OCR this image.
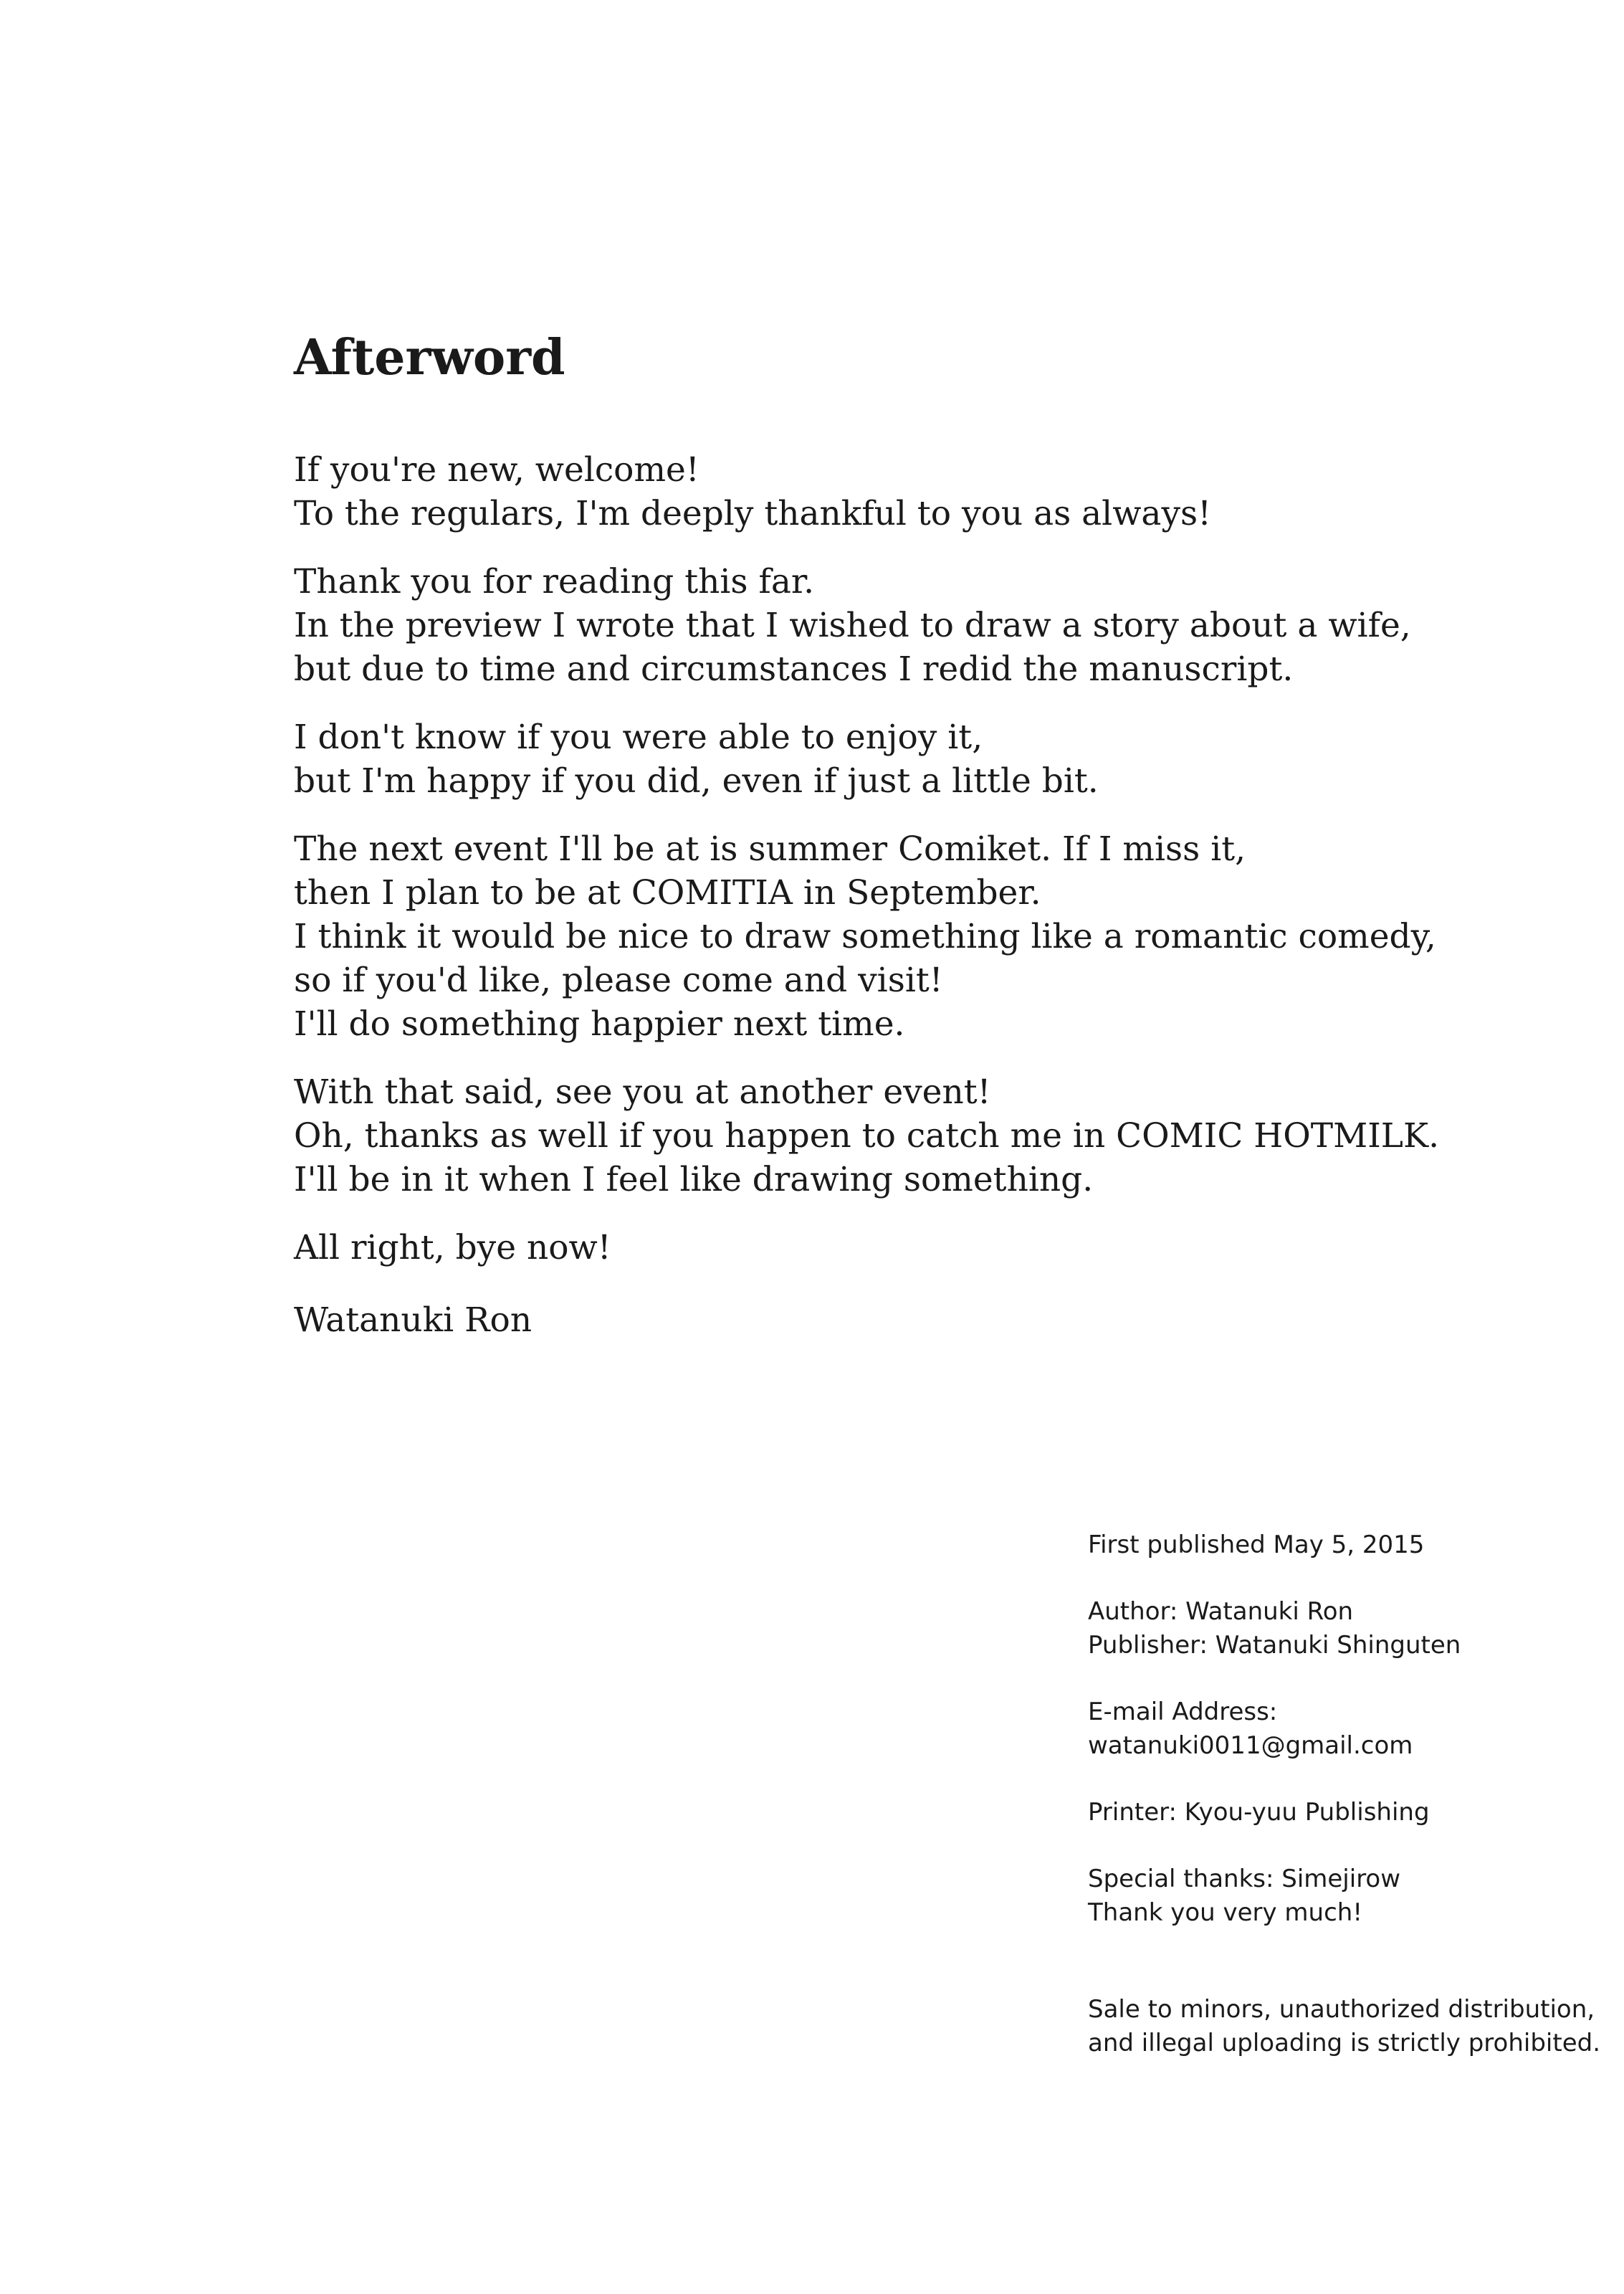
Afterword
If you're new, welcome!
To the regulars, I'm deeply thankful to you as always!
Thank you for reading this far.
In the preview I wrote that I wished to draw a story about a wife,
but due to time and circumstances I redid the manuscript.
I don't know if you were able to enjoy it,
but I'm happy if you did, even if just a little bit.
The next event I'll be at is summer Comiket. If I miss it,
then I plan to be at COMITIA in September.
I think it would be nice to draw something like a romantic comedy,
so if you'd like, please come and visit!
I'll do something happier next time.
With that said, see you at another event!
Oh, thanks as well if you happen to catch me in COMIC HOTMILK.
I'll be in it when I feel like drawing something.
All right, bye now!
Watanuki Ron
First published May 5, 2015
Author: Watanuki Ron
Publisher: Watanuki Shinguten
E-mail Address:
watanuki0011@gmail.com
Printer: Kyou-yuu Publishing
Special thanks: Simejirow
Thank you very much!
Sale to minors, unauthorized distribution,
and illegal uploading is strictly prohibited.
